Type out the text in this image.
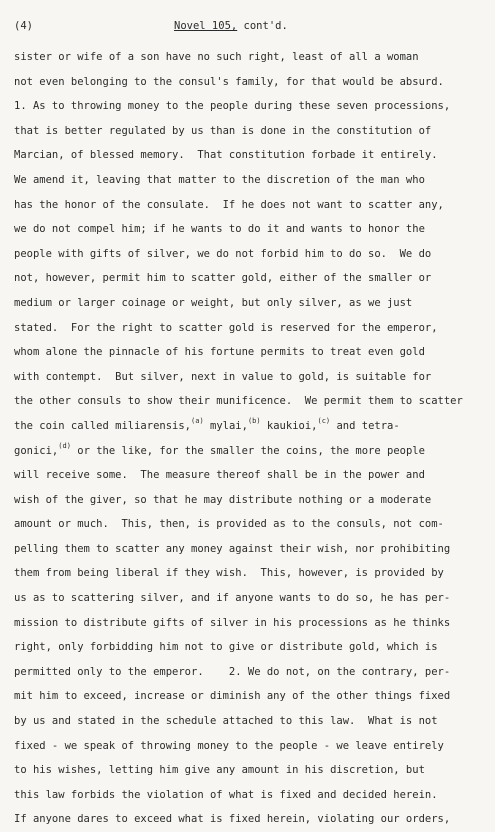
(4)	Novel 105, cont'd.
sister or wife of a son have no such right, least of all a woman
not even belonging to the consul's family, for that would be absurd.
1. As to throwing money to the people during these seven processions,
that is better regulated by us than is done in the constitution of
Marcian, of blessed memory.  That constitution forbade it entirely.
We amend it, leaving that matter to the discretion of the man who
has the honor of the consulate.  If he does not want to scatter any,
we do not compel him; if he wants to do it and wants to honor the
people with gifts of silver, we do not forbid him to do so.  We do
not, however, permit him to scatter gold, either of the smaller or
medium or larger coinage or weight, but only silver, as we just
stated.  For the right to scatter gold is reserved for the emperor,
whom alone the pinnacle of his fortune permits to treat even gold
with contempt.  But silver, next in value to gold, is suitable for
the other consuls to show their munificence.  We permit them to scatter
the coin called miliarensis,$^{(a)}$ mylai,$^{(b)}$ kaukioi,$^{(c)}$ and tetra-
gonici,$^{(d)}$ or the like, for the smaller the coins, the more people
will receive some.  The measure thereof shall be in the power and
wish of the giver, so that he may distribute nothing or a moderate
amount or much.  This, then, is provided as to the consuls, not com-
pelling them to scatter any money against their wish, nor prohibiting
them from being liberal if they wish.  This, however, is provided by
us as to scattering silver, and if anyone wants to do so, he has per-
mission to distribute gifts of silver in his processions as he thinks
right, only forbidding him not to give or distribute gold, which is
permitted only to the emperor.    2. We do not, on the contrary, per-
mit him to exceed, increase or diminish any of the other things fixed
by us and stated in the schedule attached to this law.  What is not
fixed - we speak of throwing money to the people - we leave entirely
to his wishes, letting him give any amount in his discretion, but
this law forbids the violation of what is fixed and decided herein.
If anyone dares to exceed what is fixed herein, violating our orders,
